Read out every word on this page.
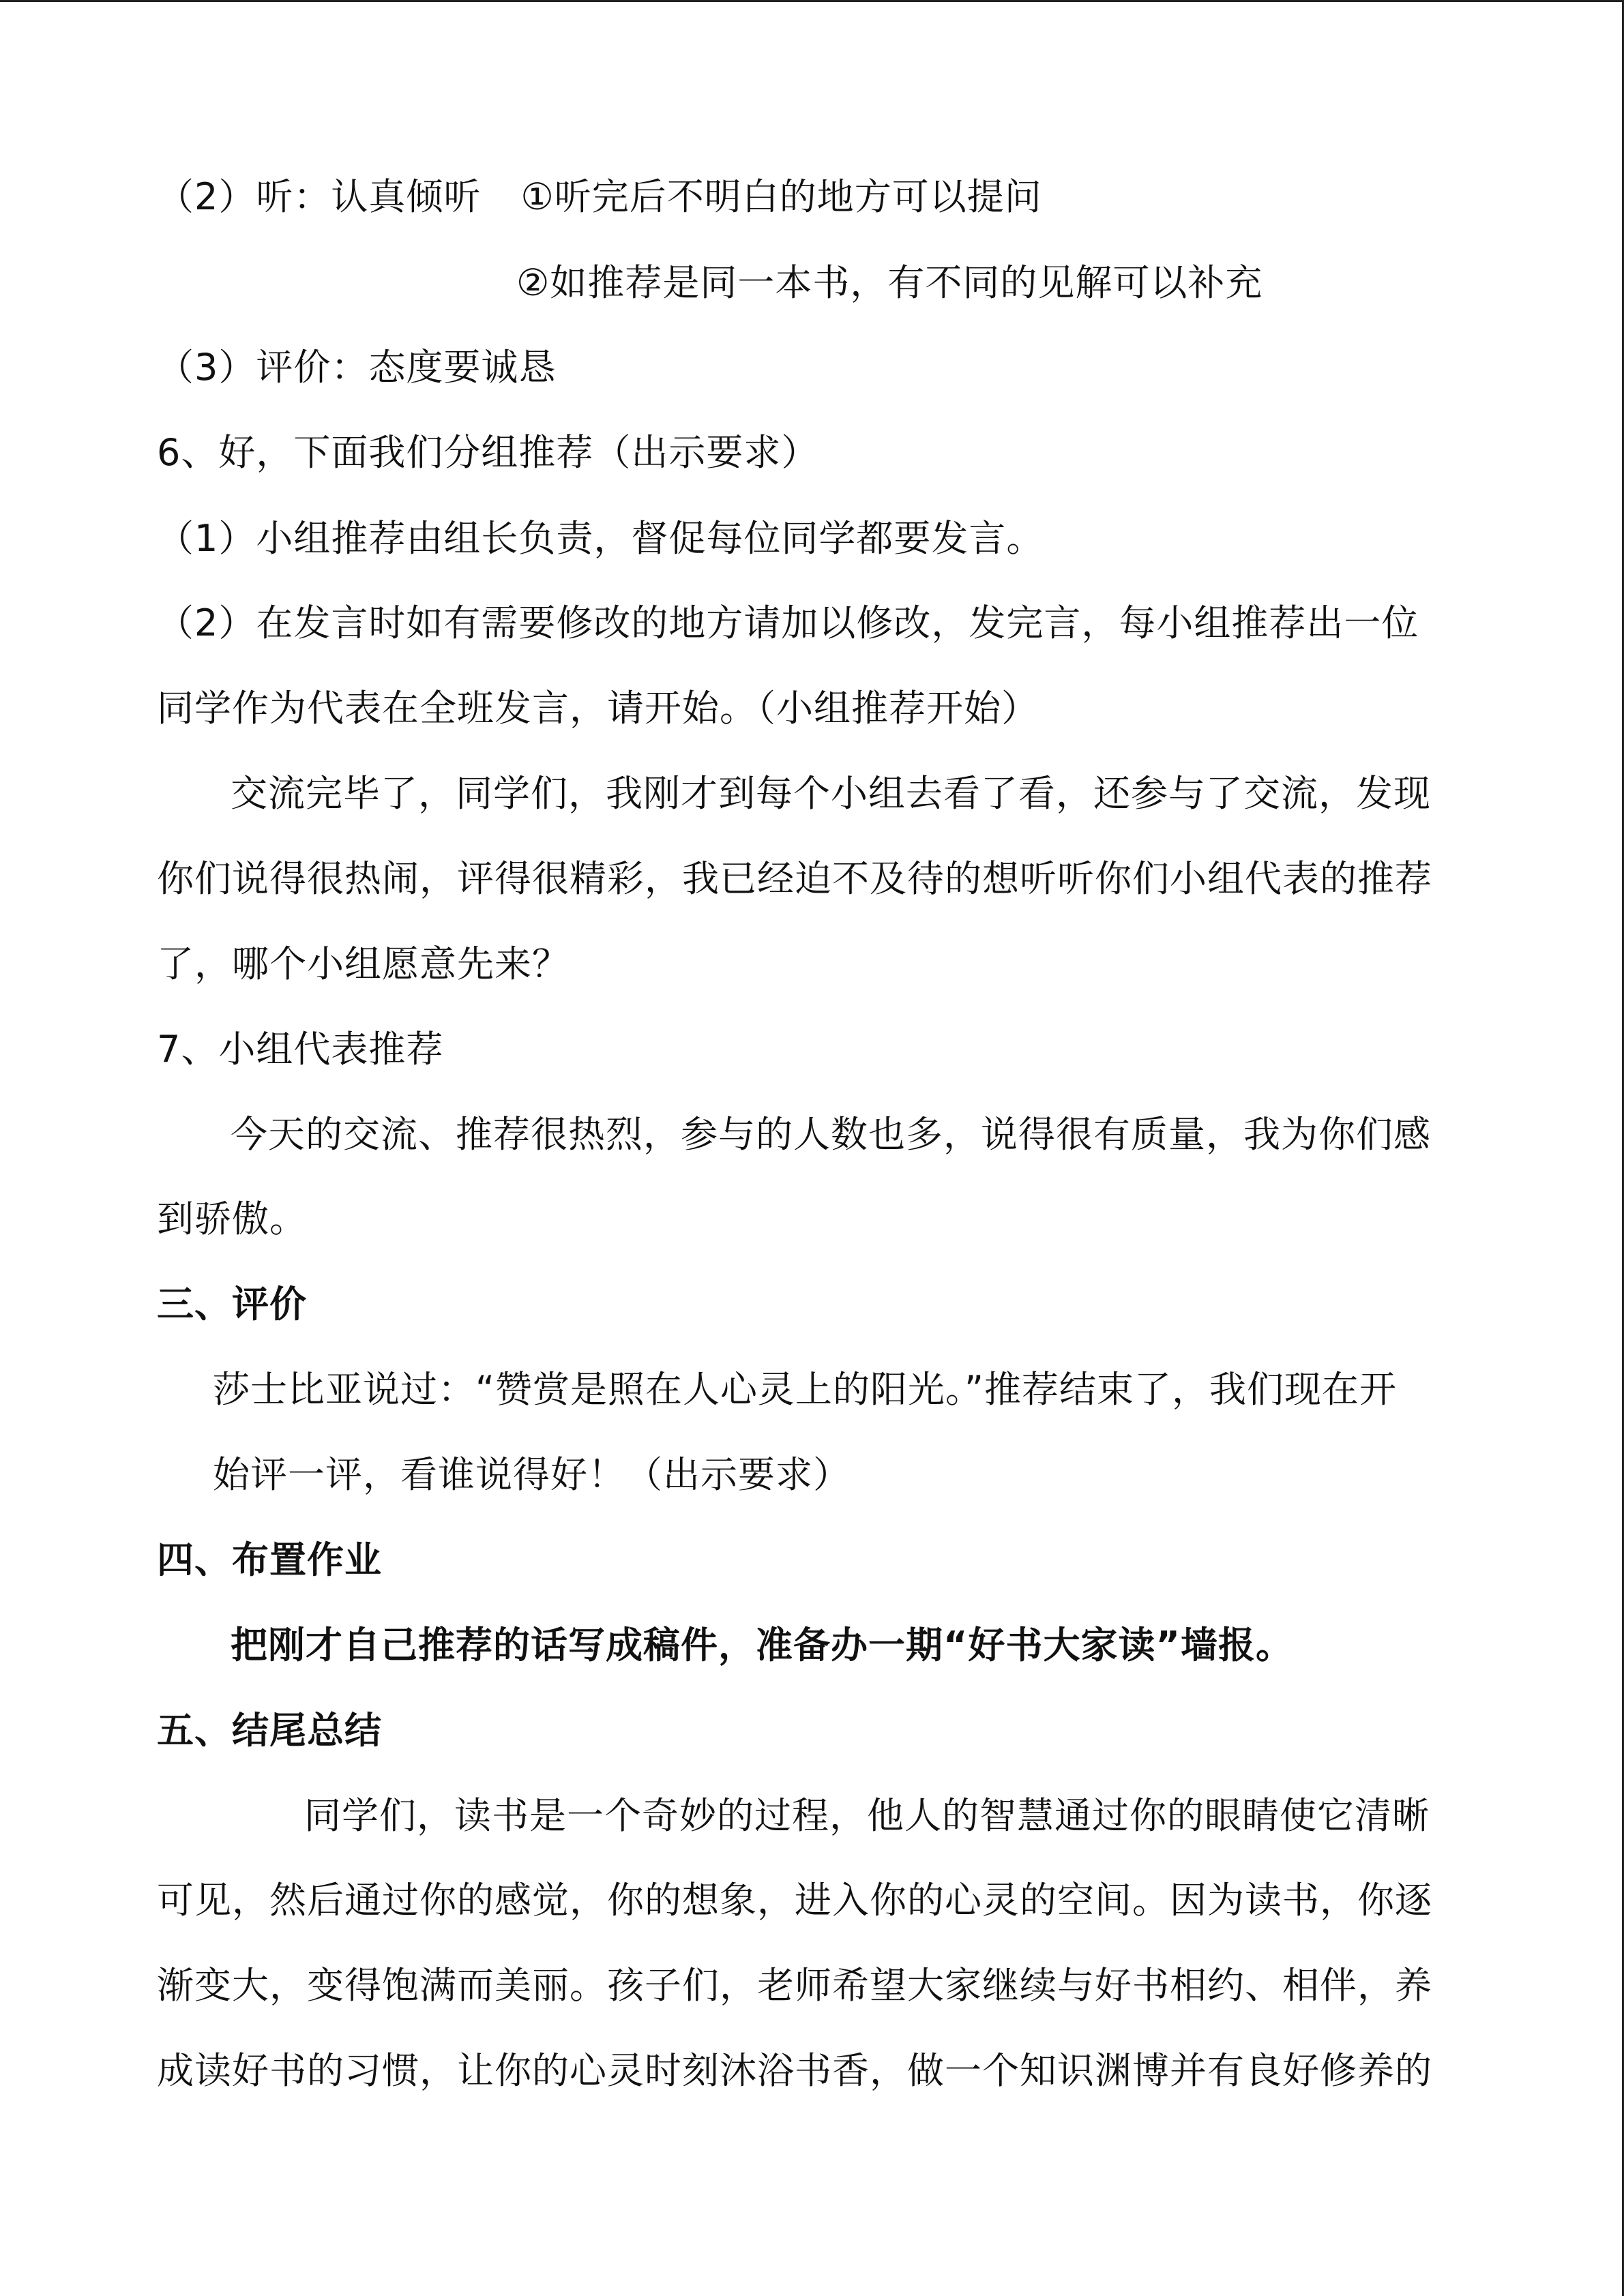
（2）听：认真倾听 ①听完后不明白的地方可以提问
②如推荐是同一本书，有不同的见解可以补充
（3）评价：态度要诚恳
6、好，下面我们分组推荐（出示要求）
（1）小组推荐由组长负责，督促每位同学都要发言。
（2）在发言时如有需要修改的地方请加以修改，发完言，每小组推荐出一位
同学作为代表在全班发言，请开始。（小组推荐开始）
交流完毕了，同学们，我刚才到每个小组去看了看，还参与了交流，发现
你们说得很热闹，评得很精彩，我已经迫不及待的想听听你们小组代表的推荐
了，哪个小组愿意先来？
7、小组代表推荐
今天的交流、推荐很热烈，参与的人数也多，说得很有质量，我为你们感
到骄傲。
三、评价
莎士比亚说过：“赞赏是照在人心灵上的阳光。”推荐结束了，我们现在开
始评一评，看谁说得好！（出示要求）
四、布置作业
把刚才自己推荐的话写成稿件，准备办一期“好书大家读”墙报。
五、结尾总结
同学们，读书是一个奇妙的过程，他人的智慧通过你的眼睛使它清晰
可见，然后通过你的感觉，你的想象，进入你的心灵的空间。因为读书，你逐
渐变大，变得饱满而美丽。孩子们，老师希望大家继续与好书相约、相伴，养
成读好书的习惯，让你的心灵时刻沐浴书香，做一个知识渊博并有良好修养的
